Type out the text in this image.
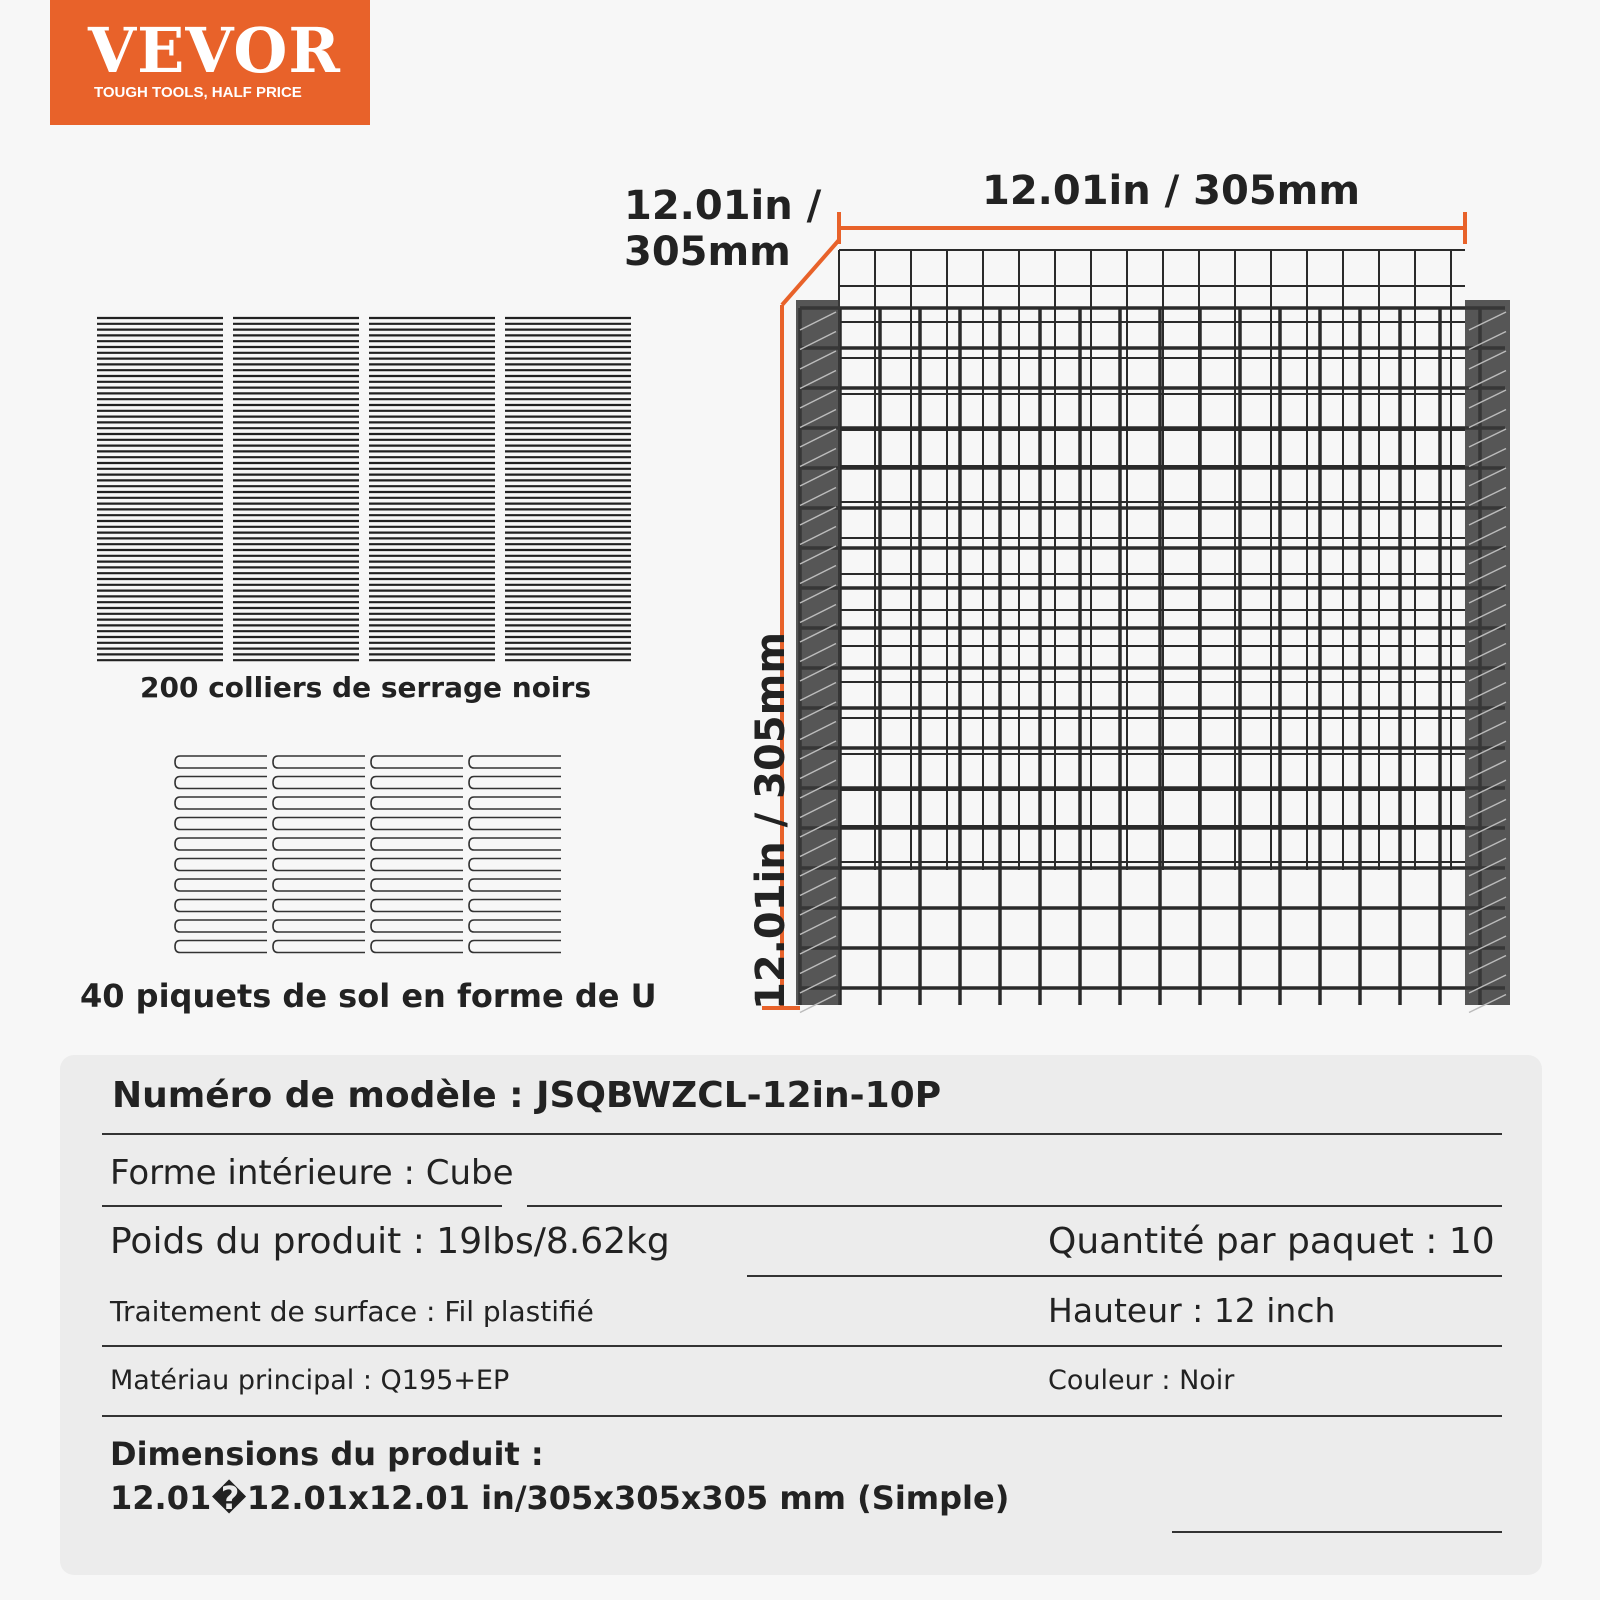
VEVOR
TOUGH TOOLS, HALF PRICE
12.01in / 305mm
12.01in /
305mm
12.01in / 305mm
200 colliers de serrage noirs
40 piquets de sol en forme de U
Numéro de modèle : JSQBWZCL-12in-10P
Forme intérieure : Cube
Poids du produit : 19lbs/8.62kg	Quantité par paquet : 10
Traitement de surface : Fil plastifié	Hauteur : 12 inch
Matériau principal : Q195+EP	Couleur : Noir
Dimensions du produit :
12.01�12.01x12.01 in/305x305x305 mm (Simple)
